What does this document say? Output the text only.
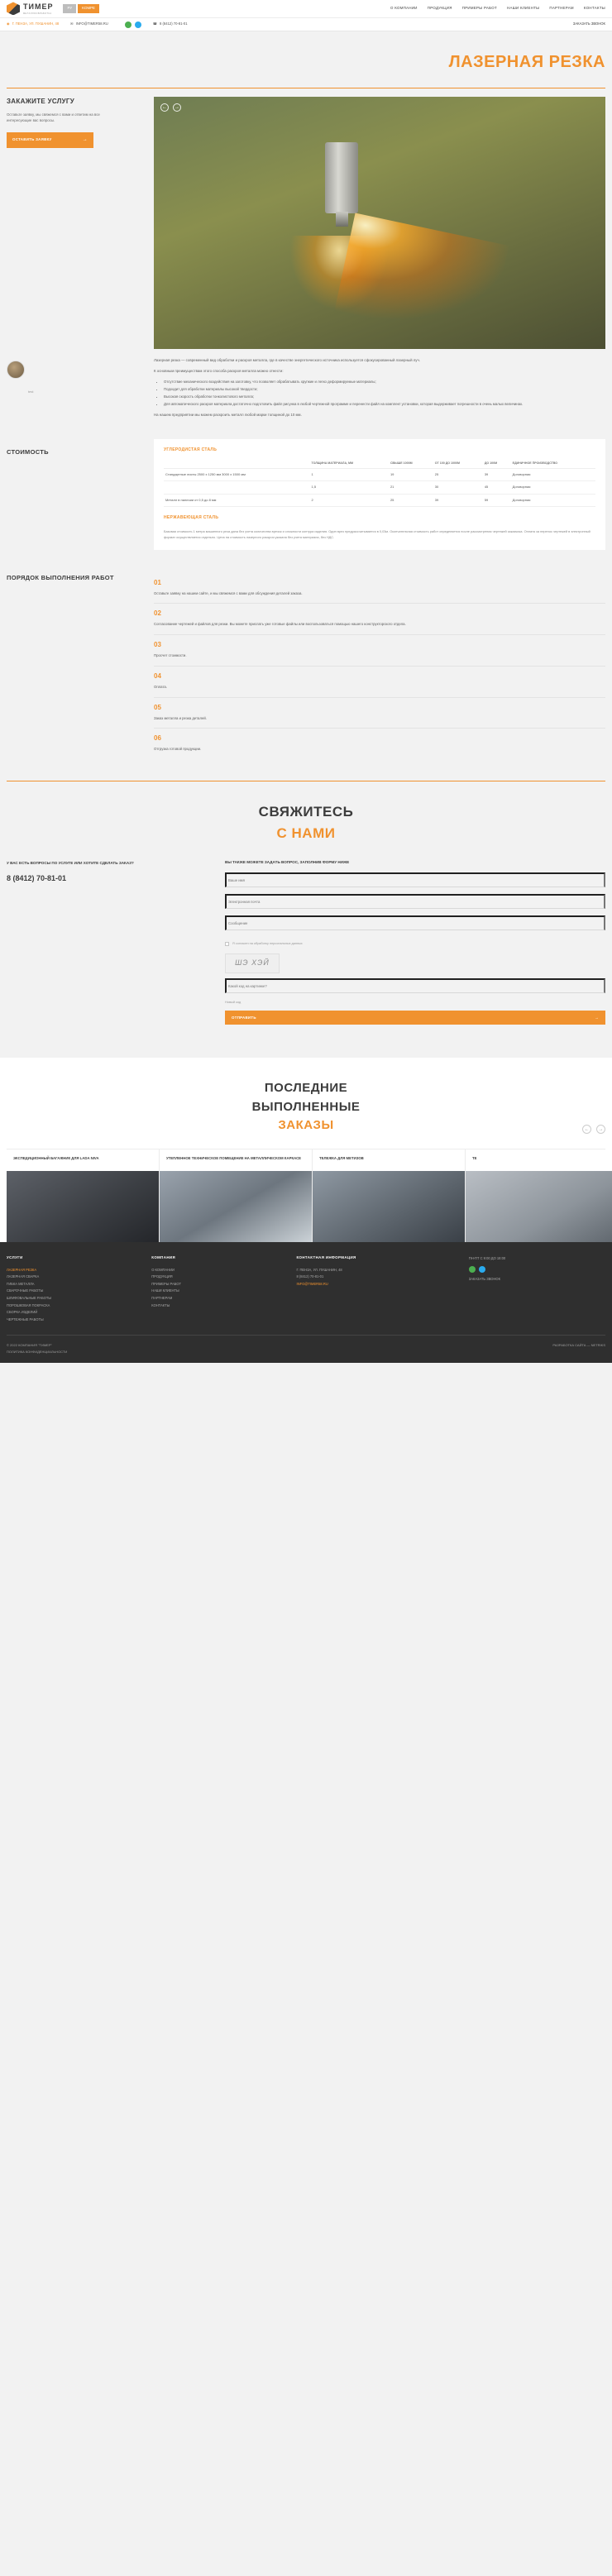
ТИМЕР
МЕТАЛЛООБРАБОТКА
РУ	KOMPE	О КОМПАНИИ	ПРОДУКЦИЯ	ПРИМЕРЫ РАБОТ	НАШИ КЛИЕНТЫ	ПАРТНЕРАМ	КОНТАКТЫ
◉ Г. ПЕНЗА, УЛ. ПУШАНИН, 48	✉ INFO@TIMER58.RU	☎ 8 (8412) 70-81-01	ЗАКАЗАТЬ ЗВОНОК
ЛАЗЕРНАЯ РЕЗКА
ЗАКАЖИТЕ УСЛУГУ

Оставьте заявку, мы свяжемся с вами и ответим на все интересующие вас вопросы.

ОСТАВИТЬ ЗАЯВКУ	→
←	→
test

Лазерная резка — современный вид обработки и раскроя металла, где в качестве энергетического источника используется сфокусированный лазерный луч.

К основным преимуществам этого способа раскроя металла можно отнести:

• Отсутствие механического воздействия на заготовку, что позволяет обрабатывать хрупкие и легко деформируемые материалы;
• Подходит для обработки материалы высокой твердости;
• Высокая скорость обработки тонколистового металла;
• Для автоматического раскроя материала достаточно подготовить файл рисунка в любой чертежной программе и перенести файл на комплект установки, которая выдерживает погрешности в очень малых величинах.

На нашем предприятии мы можем раскроить металл любой марки толщиной до 10 мм.

СТОИМОСТЬ	УГЛЕРОДИСТАЯ СТАЛЬ
	ТОЛЩИНА МАТЕРИАЛА, ММ	СВЫШЕ 1000М	ОТ 100 ДО 1000М	ДО 100М	ЕДИНИЧНОЕ ПРОИЗВОДСТВО
Стандартные листы 2500 x 1250 мм 3000 x 1500 мм	1	19	25	39	Договорная
	1,5	21	30	45	Договорная
Металл в наличии от 0,5 до 8 мм	2	25	39	59	Договорная
НЕРЖАВЕЮЩАЯ СТАЛЬ
Базовая стоимость 1 метра машинного реза дана без учета количества врезок и сложности контура изделия. Один врез предрассчитывается в 0,03м. Окончательная стоимость работ определяется после рассмотрения чертежей заказчика. Оплата за перенос чертежей в электронный формат осуществляется отдельно. Цена на стоимость лазерного раскроя указана без учета материала, без НДС.
ПОРЯДОК ВЫПОЛНЕНИЯ РАБОТ
01
Оставьте заявку на нашем сайте, и мы свяжемся с вами для обсуждения деталей заказа.
02
Согласование чертежей и файлов для резки. Вы можете прислать уже готовые файлы или воспользоваться помощью нашего конструкторского отдела.
03
Просчет стоимости.
04
Оплата.
05
Заказ металла и резка деталей.
06
Отгрузка готовой продукции.
СВЯЖИТЕСЬ
С НАМИ
У ВАС ЕСТЬ ВОПРОСЫ ПО УСЛУГЕ ИЛИ ХОТИТЕ СДЕЛАТЬ ЗАКАЗ?
8 (8412) 70-81-01
ВЫ ТАКЖЕ МОЖЕТЕ ЗАДАТЬ ВОПРОС, ЗАПОЛНИВ ФОРМУ НИЖЕ
Ваше имя Электронная почта Сообщение
Я согласен на обработку персональных данных
ШЭ ХЭЙ
Какой код на картинке?
Новый код
ОТПРАВИТЬ	→
ПОСЛЕДНИЕ
ВЫПОЛНЕННЫЕ
ЗАКАЗЫ	←	→
ЭКСПЕДИЦИОННЫЙ БАГАЖНИК ДЛЯ LADA NIVA	УТЕПЛЕННОЕ ТЕХНИЧЕСКОЕ ПОМЕЩЕНИЕ НА МЕТАЛЛИЧЕСКОМ КАРКАСЕ	ТЕЛЕЖКА ДЛЯ МЕТИЗОВ	ТЕ
УСЛУГИ
ЛАЗЕРНАЯ РЕЗКА
ЛАЗЕРНАЯ СВАРКА
ГИБКА МЕТАЛЛА
СВАРОЧНЫЕ РАБОТЫ
ШЛИФОВАЛЬНЫЕ РАБОТЫ
ПОРОШКОВАЯ ПОКРАСКА
СБОРКА ИЗДЕЛИЙ
ЧЕРТЕЖНЫЕ РАБОТЫ
КОМПАНИЯ
О КОМПАНИИ
ПРОДУКЦИЯ
ПРИМЕРЫ РАБОТ
НАШИ КЛИЕНТЫ
ПАРТНЕРАМ
КОНТАКТЫ
КОНТАКТНАЯ ИНФОРМАЦИЯ
Г. ПЕНЗА, УЛ. ПУШАНИН, 48
8 (8412) 70-81-01
INFO@TIMER58.RU
ПН-ПТ С 9:00 ДО 18:00
ЗАКАЗАТЬ ЗВОНОК
© 2022 КОМПАНИЯ "ТИМЕР"
ПОЛИТИКА КОНФИДЕНЦИАЛЬНОСТИ
РАЗРАБОТКА САЙТА — NETRIKS
